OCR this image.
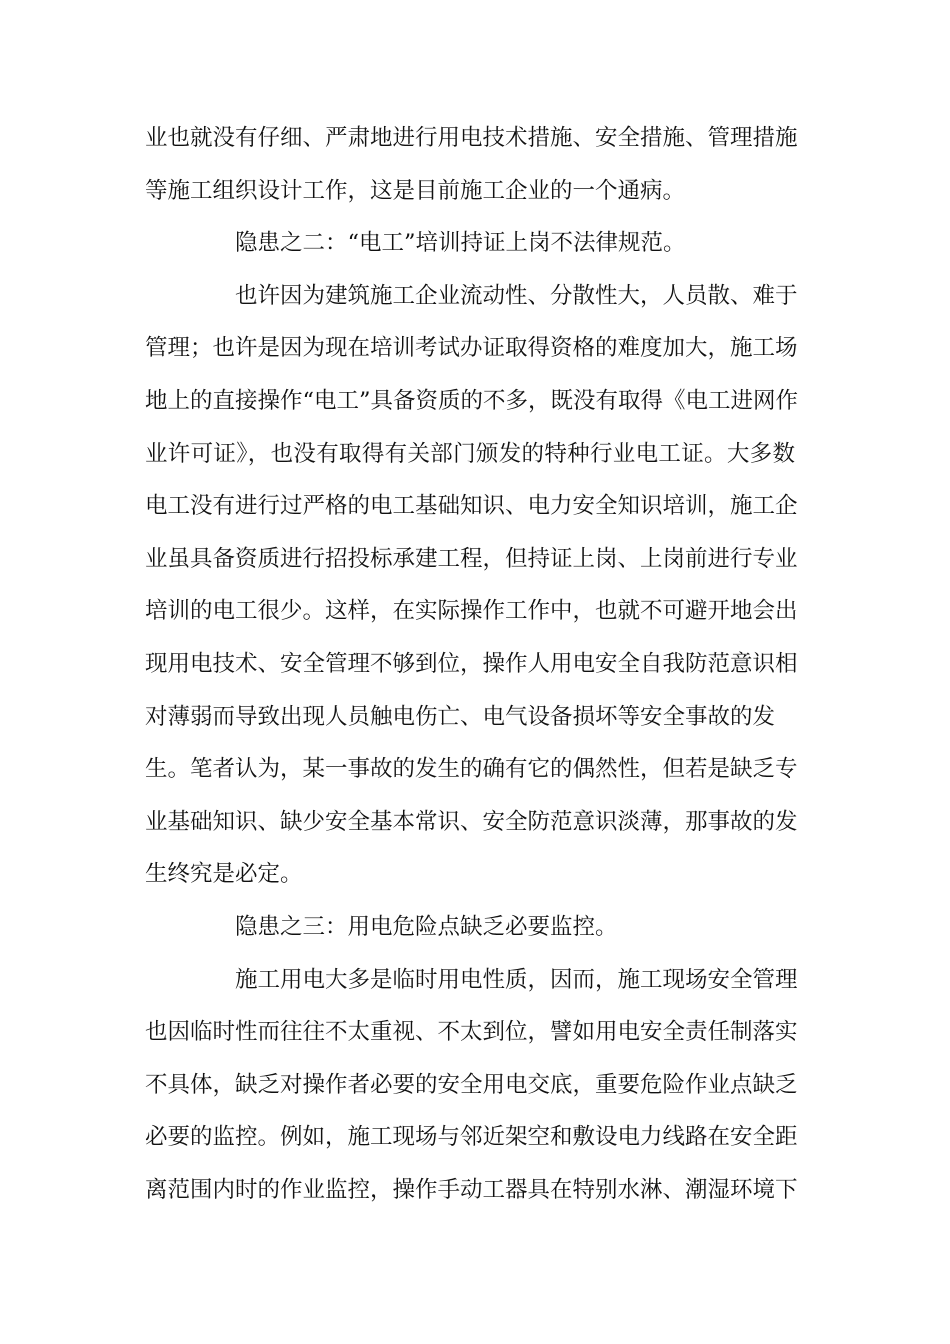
业也就没有仔细、严肃地进行用电技术措施、安全措施、管理措施
等施工组织设计工作，这是目前施工企业的一个通病。
隐患之二：“电工”培训持证上岗不法律规范。
也许因为建筑施工企业流动性、分散性大，人员散、难于
管理；也许是因为现在培训考试办证取得资格的难度加大，施工场
地上的直接操作“电工”具备资质的不多，既没有取得《电工进网作
业许可证》，也没有取得有关部门颁发的特种行业电工证。大多数
电工没有进行过严格的电工基础知识、电力安全知识培训，施工企
业虽具备资质进行招投标承建工程，但持证上岗、上岗前进行专业
培训的电工很少。这样，在实际操作工作中，也就不可避开地会出
现用电技术、安全管理不够到位，操作人用电安全自我防范意识相
对薄弱而导致出现人员触电伤亡、电气设备损坏等安全事故的发
生。笔者认为，某一事故的发生的确有它的偶然性，但若是缺乏专
业基础知识、缺少安全基本常识、安全防范意识淡薄，那事故的发
生终究是必定。
隐患之三：用电危险点缺乏必要监控。
施工用电大多是临时用电性质，因而，施工现场安全管理
也因临时性而往往不太重视、不太到位，譬如用电安全责任制落实
不具体，缺乏对操作者必要的安全用电交底，重要危险作业点缺乏
必要的监控。例如，施工现场与邻近架空和敷设电力线路在安全距
离范围内时的作业监控，操作手动工器具在特别水淋、潮湿环境下
